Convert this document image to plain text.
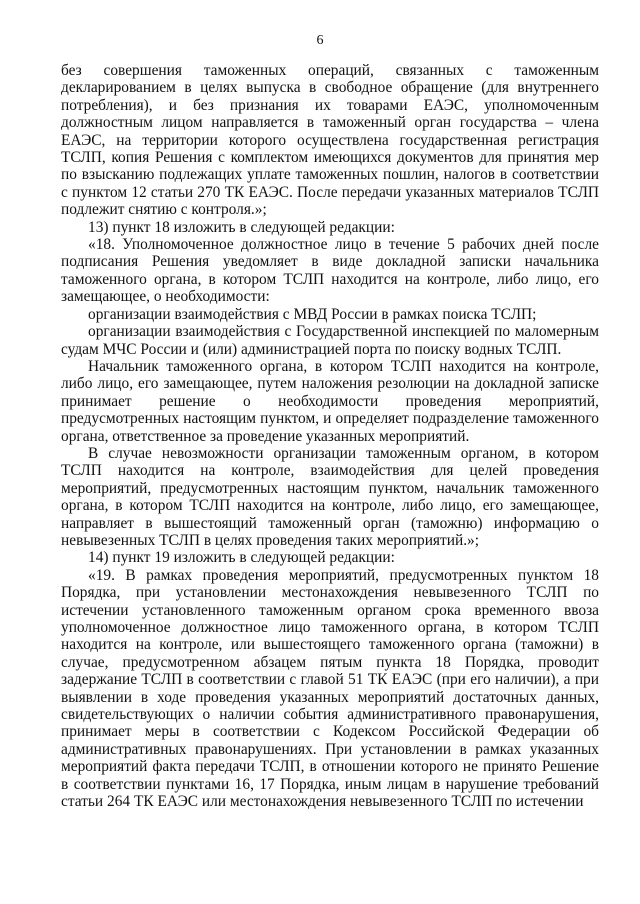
6

без совершения таможенных операций, связанных с таможенным декларированием в целях выпуска в свободное обращение (для внутреннего потребления), и без признания их товарами ЕАЭС, уполномоченным должностным лицом направляется в таможенный орган государства – члена ЕАЭС, на территории которого осуществлена государственная регистрация ТСЛП, копия Решения с комплектом имеющихся документов для принятия мер по взысканию подлежащих уплате таможенных пошлин, налогов в соответствии с пунктом 12 статьи 270 ТК ЕАЭС. После передачи указанных материалов ТСЛП подлежит снятию с контроля.»;

13) пункт 18 изложить в следующей редакции:

«18. Уполномоченное должностное лицо в течение 5 рабочих дней после подписания Решения уведомляет в виде докладной записки начальника таможенного органа, в котором ТСЛП находится на контроле, либо лицо, его замещающее, о необходимости:

организации взаимодействия с МВД России в рамках поиска ТСЛП;

организации взаимодействия с Государственной инспекцией по маломерным судам МЧС России и (или) администрацией порта по поиску водных ТСЛП.

Начальник таможенного органа, в котором ТСЛП находится на контроле, либо лицо, его замещающее, путем наложения резолюции на докладной записке принимает решение о необходимости проведения мероприятий, предусмотренных настоящим пунктом, и определяет подразделение таможенного органа, ответственное за проведение указанных мероприятий.

В случае невозможности организации таможенным органом, в котором ТСЛП находится на контроле, взаимодействия для целей проведения мероприятий, предусмотренных настоящим пунктом, начальник таможенного органа, в котором ТСЛП находится на контроле, либо лицо, его замещающее, направляет в вышестоящий таможенный орган (таможню) информацию о невывезенных ТСЛП в целях проведения таких мероприятий.»;

14) пункт 19 изложить в следующей редакции:

«19. В рамках проведения мероприятий, предусмотренных пунктом 18 Порядка, при установлении местонахождения невывезенного ТСЛП по истечении установленного таможенным органом срока временного ввоза уполномоченное должностное лицо таможенного органа, в котором ТСЛП находится на контроле, или вышестоящего таможенного органа (таможни) в случае, предусмотренном абзацем пятым пункта 18 Порядка, проводит задержание ТСЛП в соответствии с главой 51 ТК ЕАЭС (при его наличии), а при выявлении в ходе проведения указанных мероприятий достаточных данных, свидетельствующих о наличии события административного правонарушения, принимает меры в соответствии с Кодексом Российской Федерации об административных правонарушениях. При установлении в рамках указанных мероприятий факта передачи ТСЛП, в отношении которого не принято Решение в соответствии пунктами 16, 17 Порядка, иным лицам в нарушение требований статьи 264 ТК ЕАЭС или местонахождения невывезенного ТСЛП по истечении
